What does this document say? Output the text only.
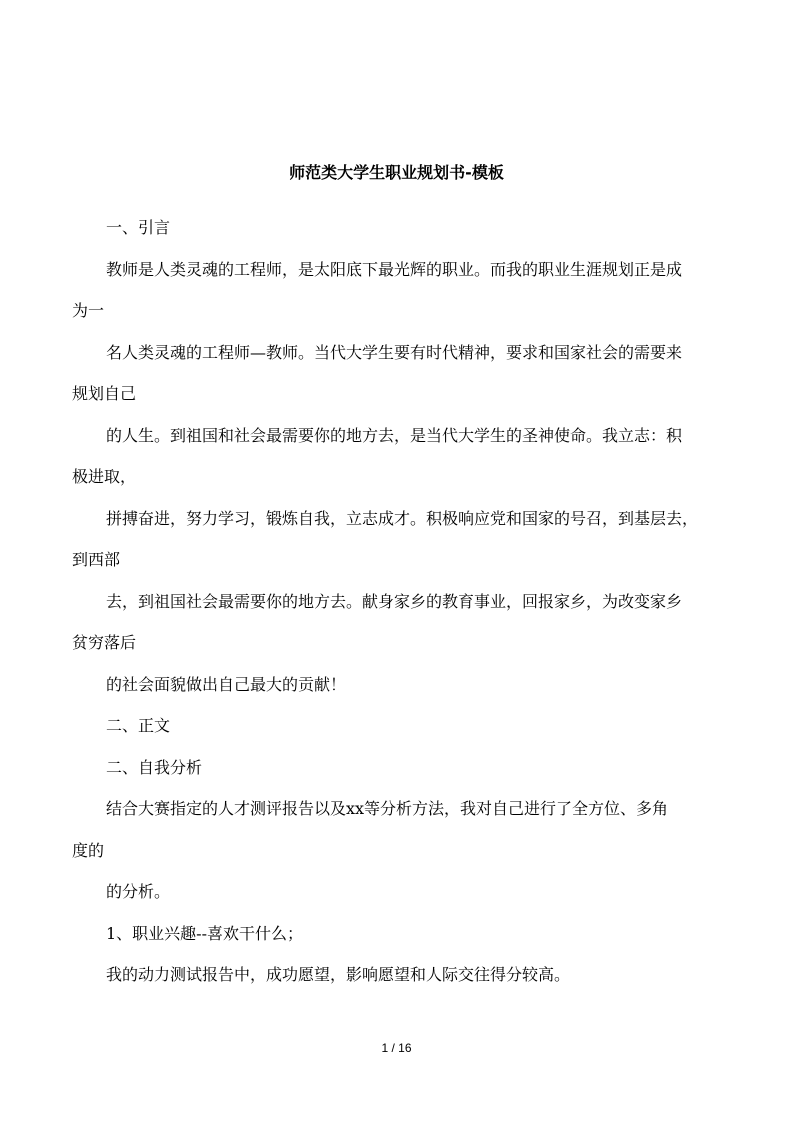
师范类大学生职业规划书-模板
一、引言
教师是人类灵魂的工程师，是太阳底下最光辉的职业。而我的职业生涯规划正是成
为一
名人类灵魂的工程师—教师。当代大学生要有时代精神，要求和国家社会的需要来
规划自己
的人生。到祖国和社会最需要你的地方去，是当代大学生的圣神使命。我立志：积
极进取，
拼搏奋进，努力学习，锻炼自我，立志成才。积极响应党和国家的号召，到基层去，
到西部
去，到祖国社会最需要你的地方去。献身家乡的教育事业，回报家乡，为改变家乡
贫穷落后
的社会面貌做出自己最大的贡献！
二、正文
二、自我分析
结合大赛指定的人才测评报告以及xx等分析方法，我对自己进行了全方位、多角
度的
的分析。
1、职业兴趣--喜欢干什么；
我的动力测试报告中，成功愿望，影响愿望和人际交往得分较高。
1 / 16
